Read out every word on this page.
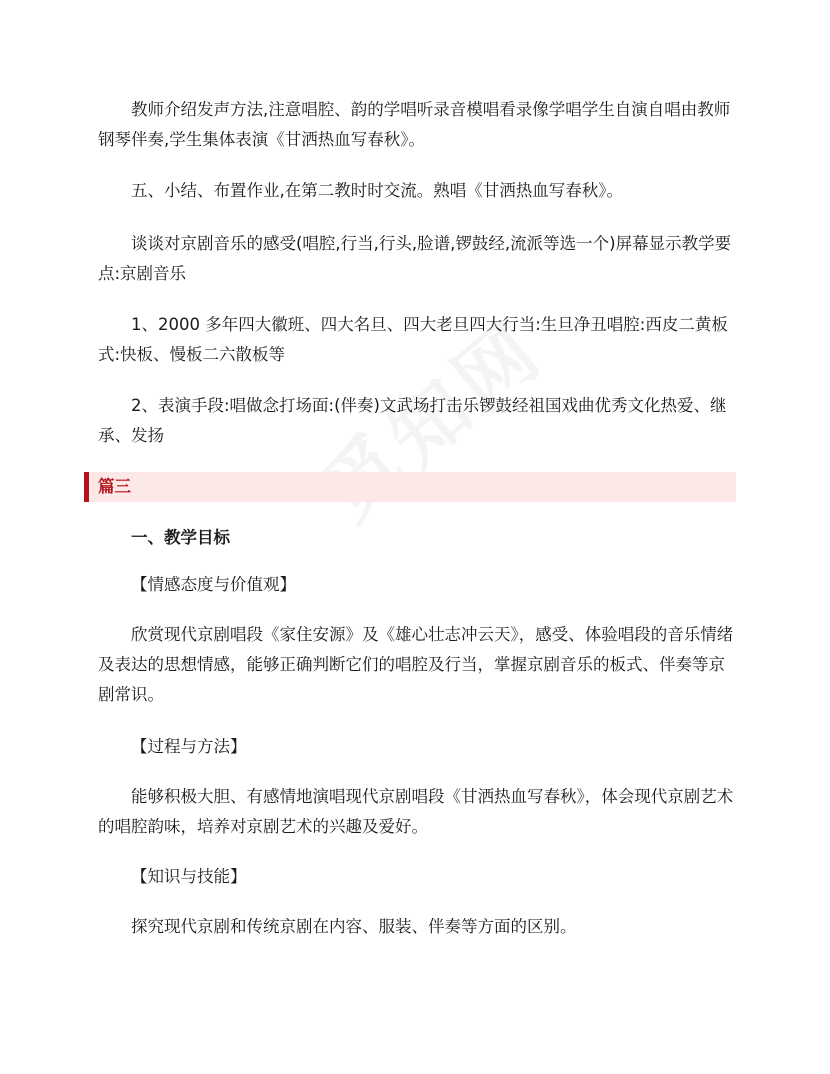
教师介绍发声方法,注意唱腔、韵的学唱听录音模唱看录像学唱学生自演自唱由教师钢琴伴奏,学生集体表演《甘洒热血写春秋》。

五、小结、布置作业,在第二教时时交流。熟唱《甘洒热血写春秋》。

谈谈对京剧音乐的感受(唱腔,行当,行头,脸谱,锣鼓经,流派等选一个)屏幕显示教学要点:京剧音乐

1、2000 多年四大徽班、四大名旦、四大老旦四大行当:生旦净丑唱腔:西皮二黄板式:快板、慢板二六散板等

2、表演手段:唱做念打场面:(伴奏)文武场打击乐锣鼓经祖国戏曲优秀文化热爱、继承、发扬

篇三

一、教学目标

【情感态度与价值观】

欣赏现代京剧唱段《家住安源》及《雄心壮志冲云天》，感受、体验唱段的音乐情绪及表达的思想情感，能够正确判断它们的唱腔及行当，掌握京剧音乐的板式、伴奏等京剧常识。

【过程与方法】

能够积极大胆、有感情地演唱现代京剧唱段《甘洒热血写春秋》，体会现代京剧艺术的唱腔韵味，培养对京剧艺术的兴趣及爱好。

【知识与技能】

探究现代京剧和传统京剧在内容、服装、伴奏等方面的区别。
